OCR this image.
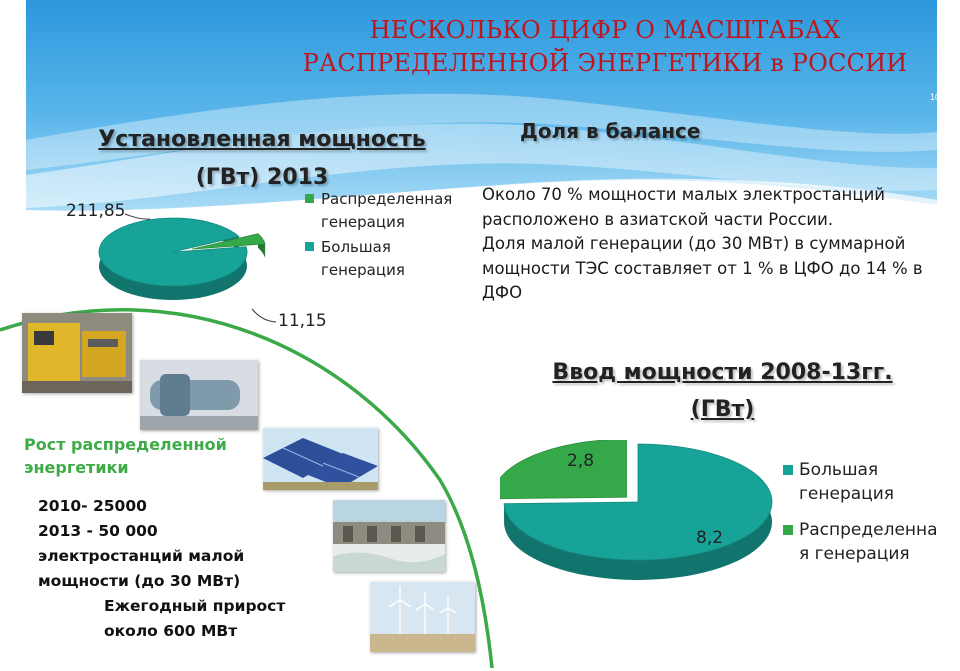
НЕСКОЛЬКО ЦИФР О МАСШТАБАХ
РАСПРЕДЕЛЕННОЙ ЭНЕРГЕТИКИ в РОССИИ
10
Установленная мощность
(ГВт) 2013
211,85
11,15
Распределенная
генерация
Большая
генерация
Доля в балансе
Около 70 % мощности малых электростанций
расположено в азиатской части России.
Доля малой генерации (до 30 МВт) в суммарной
мощности ТЭС составляет от 1 % в ЦФО до 14 % в
ДФО
Ввод мощности 2008-13гг.
(ГВт)
2,8
8,2
Большая
генерация
Распределенна
я генерация
Рост распределенной
энергетики
2010- 25000
2013 - 50 000
электростанций малой
мощности (до 30 МВт)
Ежегодный прирост
около 600 МВт
